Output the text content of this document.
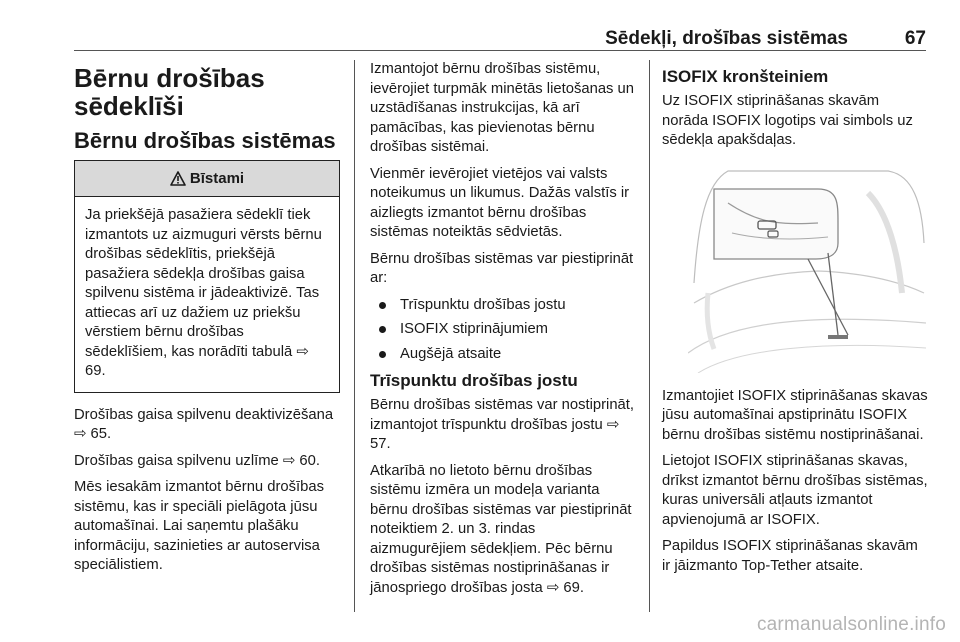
Sēdekļi, drošības sistēmas	67
Bērnu drošības sēdeklīši
Bērnu drošības sistēmas
Bīstami
Ja priekšējā pasažiera sēdeklī tiek izmantots uz aizmuguri vērsts bērnu drošības sēdeklītis, priekšējā pasažiera sēdekļa drošības gaisa spilvenu sistēma ir jādeaktivizē. Tas attiecas arī uz dažiem uz priekšu vērstiem bērnu drošības sēdeklīšiem, kas norādīti tabulā ⇨ 69.

Drošības gaisa spilvenu deaktivizēšana ⇨ 65.

Drošības gaisa spilvenu uzlīme ⇨ 60.

Mēs iesakām izmantot bērnu drošības sistēmu, kas ir speciāli pielāgota jūsu automašīnai. Lai saņemtu plašāku informāciju, sazinieties ar autoservisa speciālistiem.

Izmantojot bērnu drošības sistēmu, ievērojiet turpmāk minētās lietošanas un uzstādīšanas instrukcijas, kā arī pamācības, kas pievienotas bērnu drošības sistēmai.

Vienmēr ievērojiet vietējos vai valsts noteikumus un likumus. Dažās valstīs ir aizliegts izmantot bērnu drošības sistēmas noteiktās sēdvietās.

Bērnu drošības sistēmas var piestiprināt ar:

Trīspunktu drošības jostu
ISOFIX stiprinājumiem
Augšējā atsaite
Trīspunktu drošības jostu

Bērnu drošības sistēmas var nostiprināt, izmantojot trīspunktu drošības jostu ⇨ 57.

Atkarībā no lietoto bērnu drošības sistēmu izmēra un modeļa varianta bērnu drošības sistēmas var piestiprināt noteiktiem 2. un 3. rindas aizmugurējiem sēdekļiem. Pēc bērnu drošības sistēmas nostiprināšanas ir jānospriego drošības josta ⇨ 69.

ISOFIX kronšteiniem

Uz ISOFIX stiprināšanas skavām norāda ISOFIX logotips vai simbols uz sēdekļa apakšdaļas.

Izmantojiet ISOFIX stiprināšanas skavas jūsu automašīnai apstiprinātu ISOFIX bērnu drošības sistēmu nostiprināšanai.

Lietojot ISOFIX stiprināšanas skavas, drīkst izmantot bērnu drošības sistēmas, kuras universāli atļauts izmantot apvienojumā ar ISOFIX.

Papildus ISOFIX stiprināšanas skavām ir jāizmanto Top-Tether atsaite.

carmanualsonline.info
